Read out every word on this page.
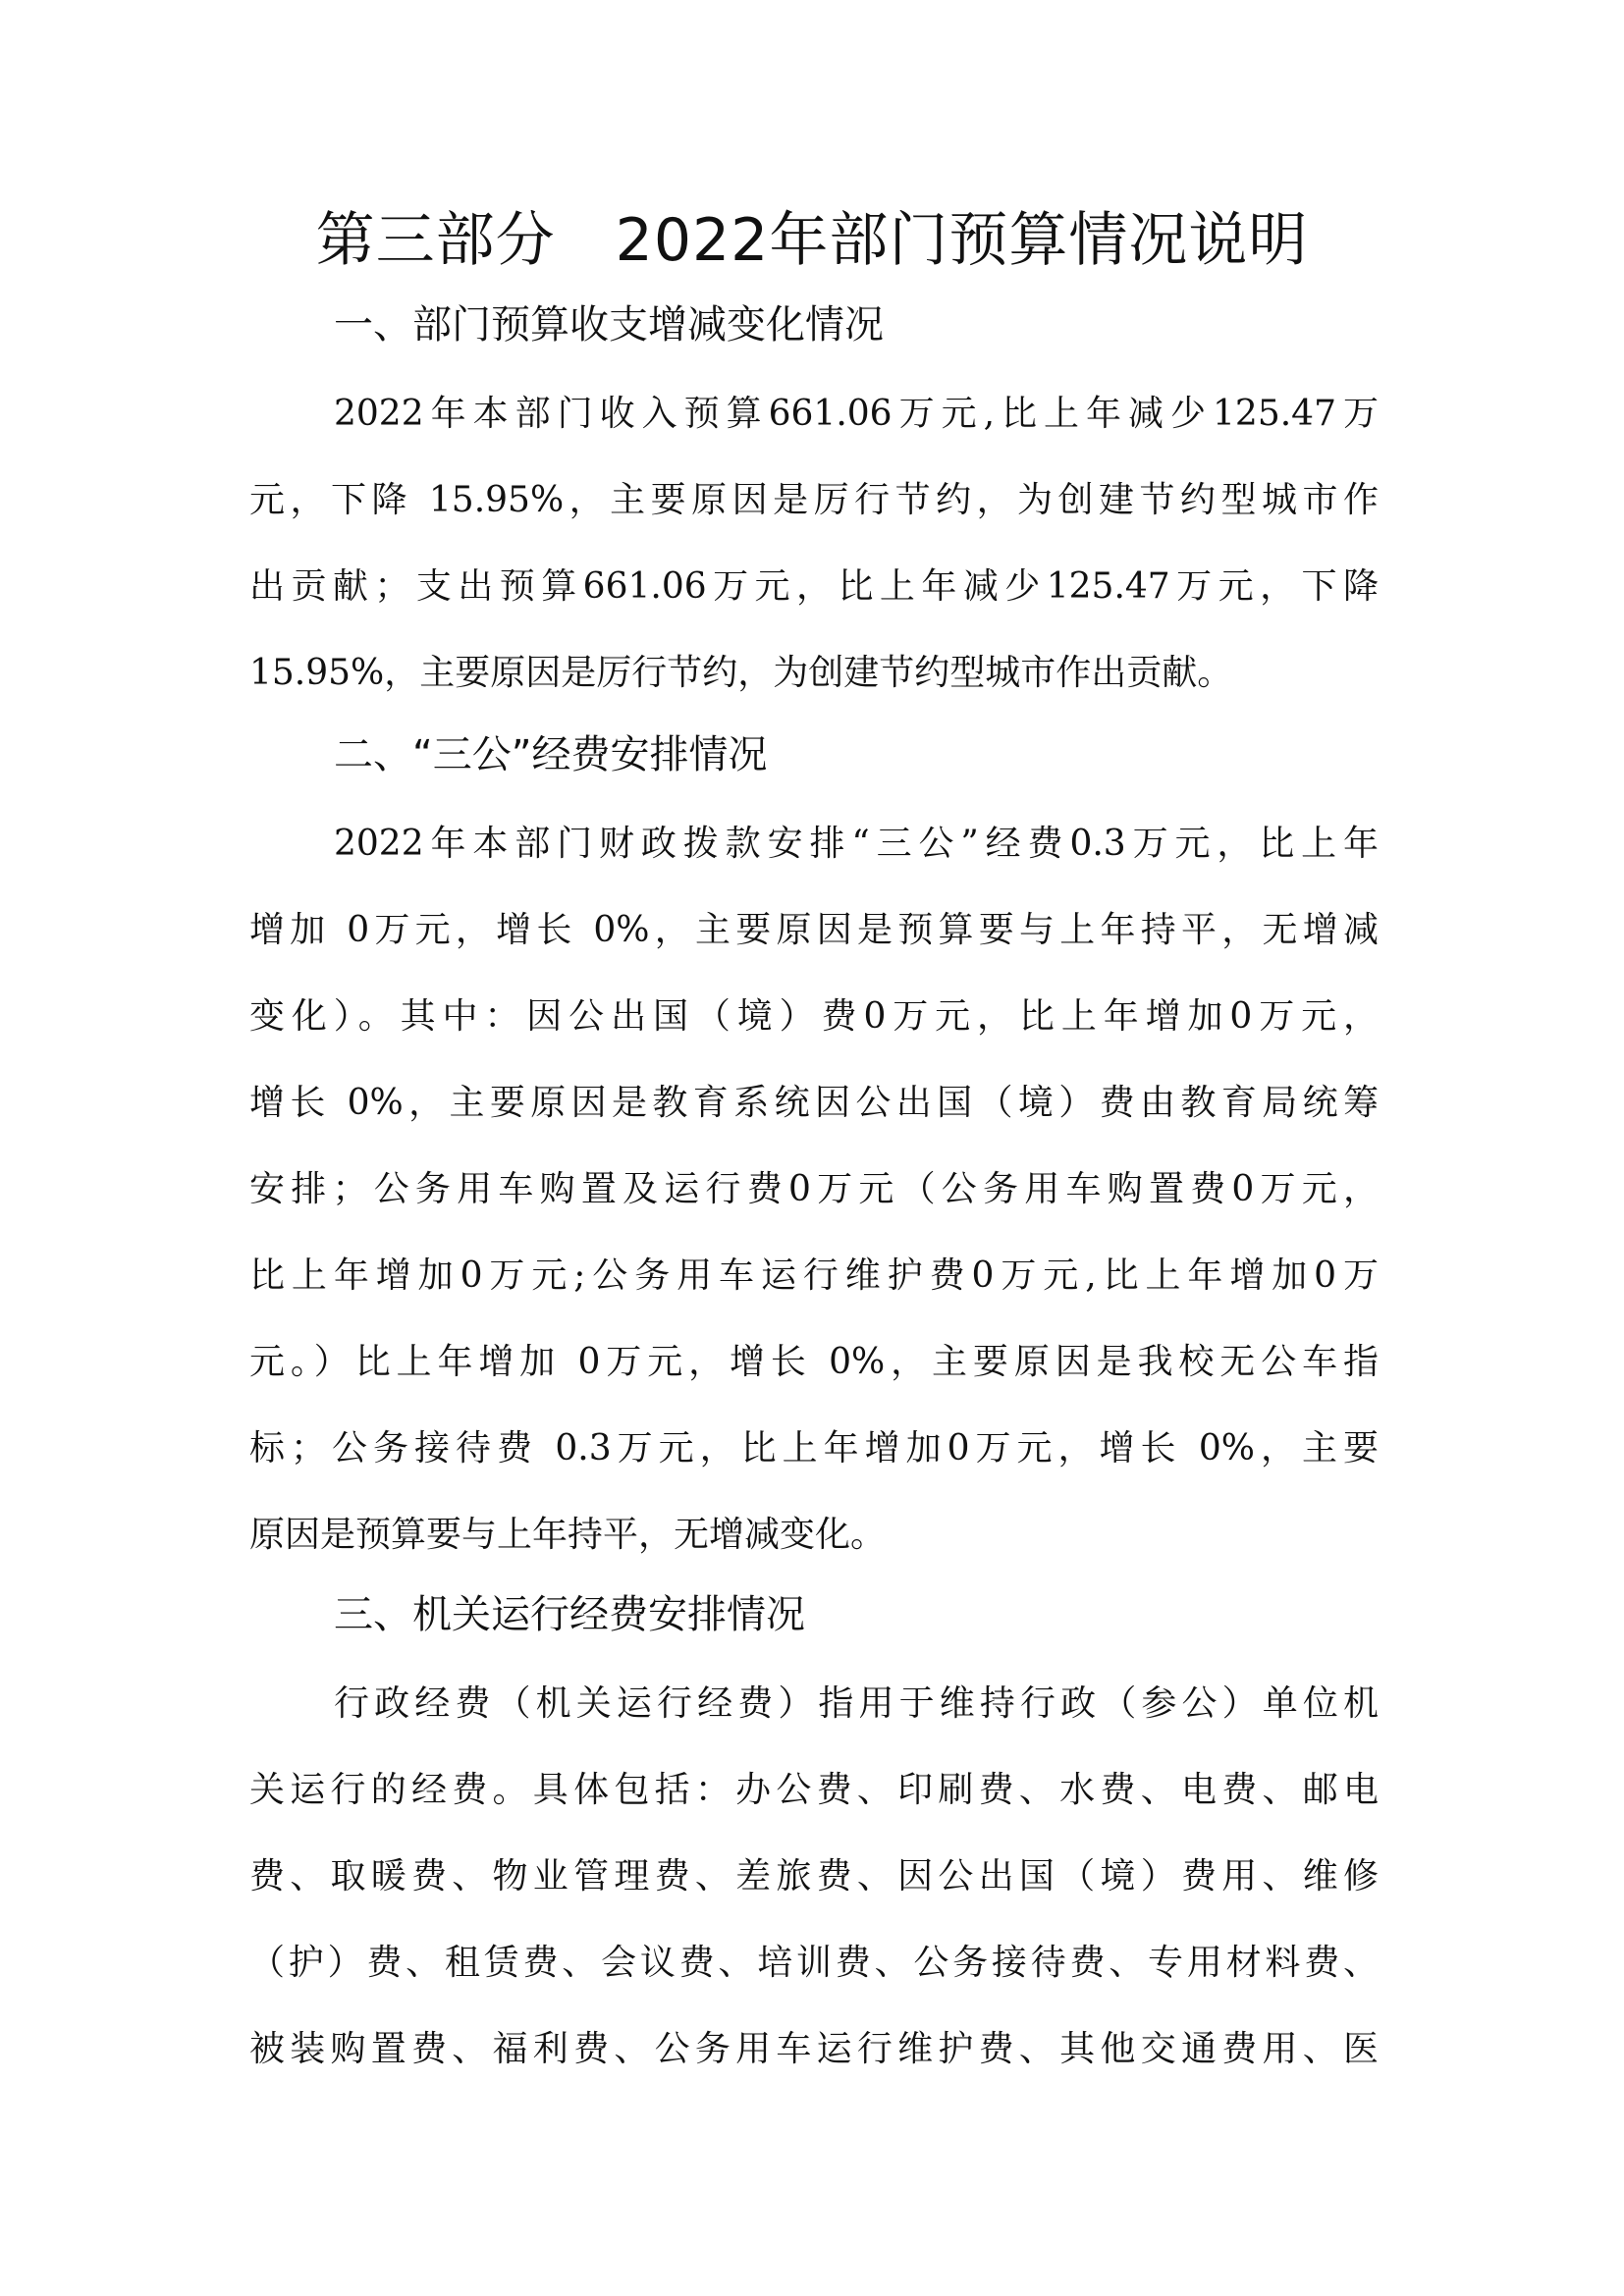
第三部分　2022年部门预算情况说明
一、部门预算收支增减变化情况
2022年本部门收入预算661.06万元,比上年减少125.47万
元，下降 15.95%，主要原因是厉行节约，为创建节约型城市作
出贡献；支出预算661.06万元，比上年减少125.47万元，下降
15.95%，主要原因是厉行节约，为创建节约型城市作出贡献。
二、“三公”经费安排情况
2022年本部门财政拨款安排“三公”经费0.3万元，比上年
增加 0万元，增长 0%，主要原因是预算要与上年持平，无增减
变化）。其中：因公出国（境）费0万元，比上年增加0万元，
增长 0%，主要原因是教育系统因公出国（境）费由教育局统筹
安排；公务用车购置及运行费0万元（公务用车购置费0万元，
比上年增加0万元;公务用车运行维护费0万元,比上年增加0万
元。）比上年增加 0万元，增长 0%，主要原因是我校无公车指
标；公务接待费 0.3万元，比上年增加0万元，增长 0%，主要
原因是预算要与上年持平，无增减变化。
三、机关运行经费安排情况
行政经费（机关运行经费）指用于维持行政（参公）单位机
关运行的经费。具体包括：办公费、印刷费、水费、电费、邮电
费、取暖费、物业管理费、差旅费、因公出国（境）费用、维修
（护）费、租赁费、会议费、培训费、公务接待费、专用材料费、
被装购置费、福利费、公务用车运行维护费、其他交通费用、医
